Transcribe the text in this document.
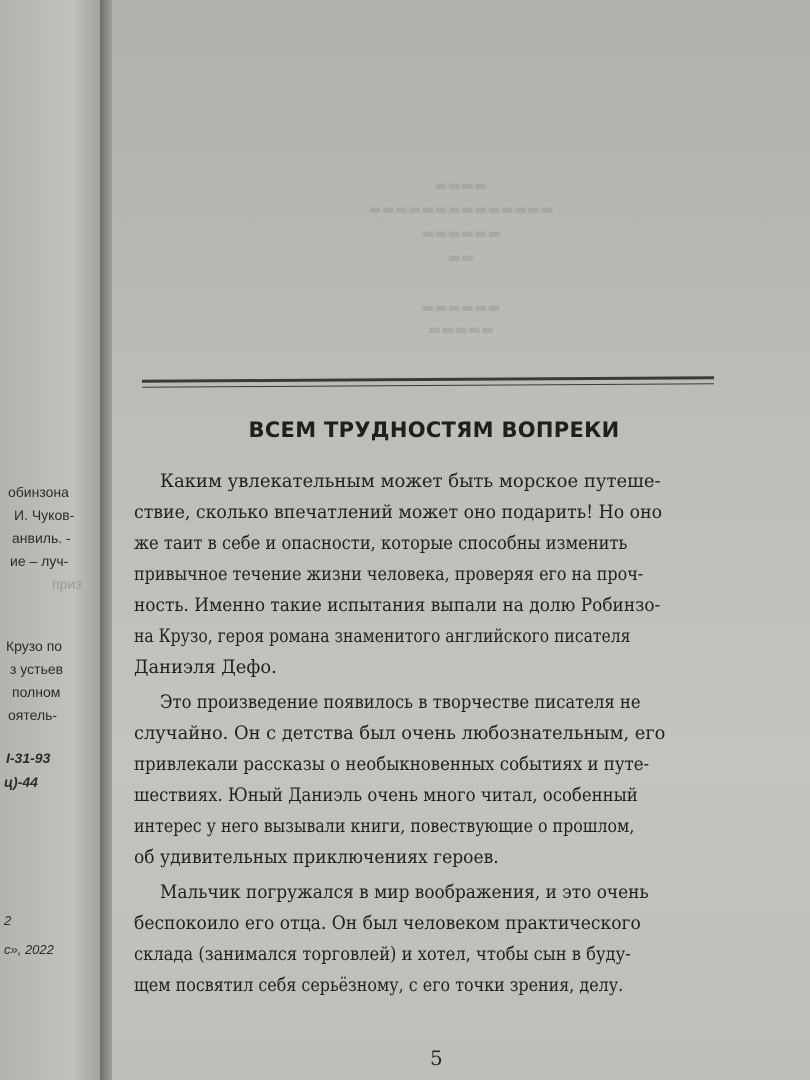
обинзона
И. Чуков-
анвиль. -
ие – луч-
приз
Крузо по
з устьев
полном
оятель-
I-31-93
ц)-44
2
с», 2022
▬▬▬▬
▬▬▬▬▬▬▬▬▬▬▬▬▬▬
▬▬▬▬▬▬
▬▬
▬▬▬▬▬▬
▬▬▬▬▬
ВСЕМ ТРУДНОСТЯМ ВОПРЕКИ
Каким увлекательным может быть морское путеше-
ствие, сколько впечатлений может оно подарить! Но оно
же таит в себе и опасности, которые способны изменить
привычное течение жизни человека, проверяя его на проч-
ность. Именно такие испытания выпали на долю Робинзо-
на Крузо, героя романа знаменитого английского писателя
Даниэля Дефо.
Это произведение появилось в творчестве писателя не
случайно. Он с детства был очень любознательным, его
привлекали рассказы о необыкновенных событиях и путе-
шествиях. Юный Даниэль очень много читал, особенный
интерес у него вызывали книги, повествующие о прошлом,
об удивительных приключениях героев.
Мальчик погружался в мир воображения, и это очень
беспокоило его отца. Он был человеком практического
склада (занимался торговлей) и хотел, чтобы сын в буду-
щем посвятил себя серьёзному, с его точки зрения, делу.
5
